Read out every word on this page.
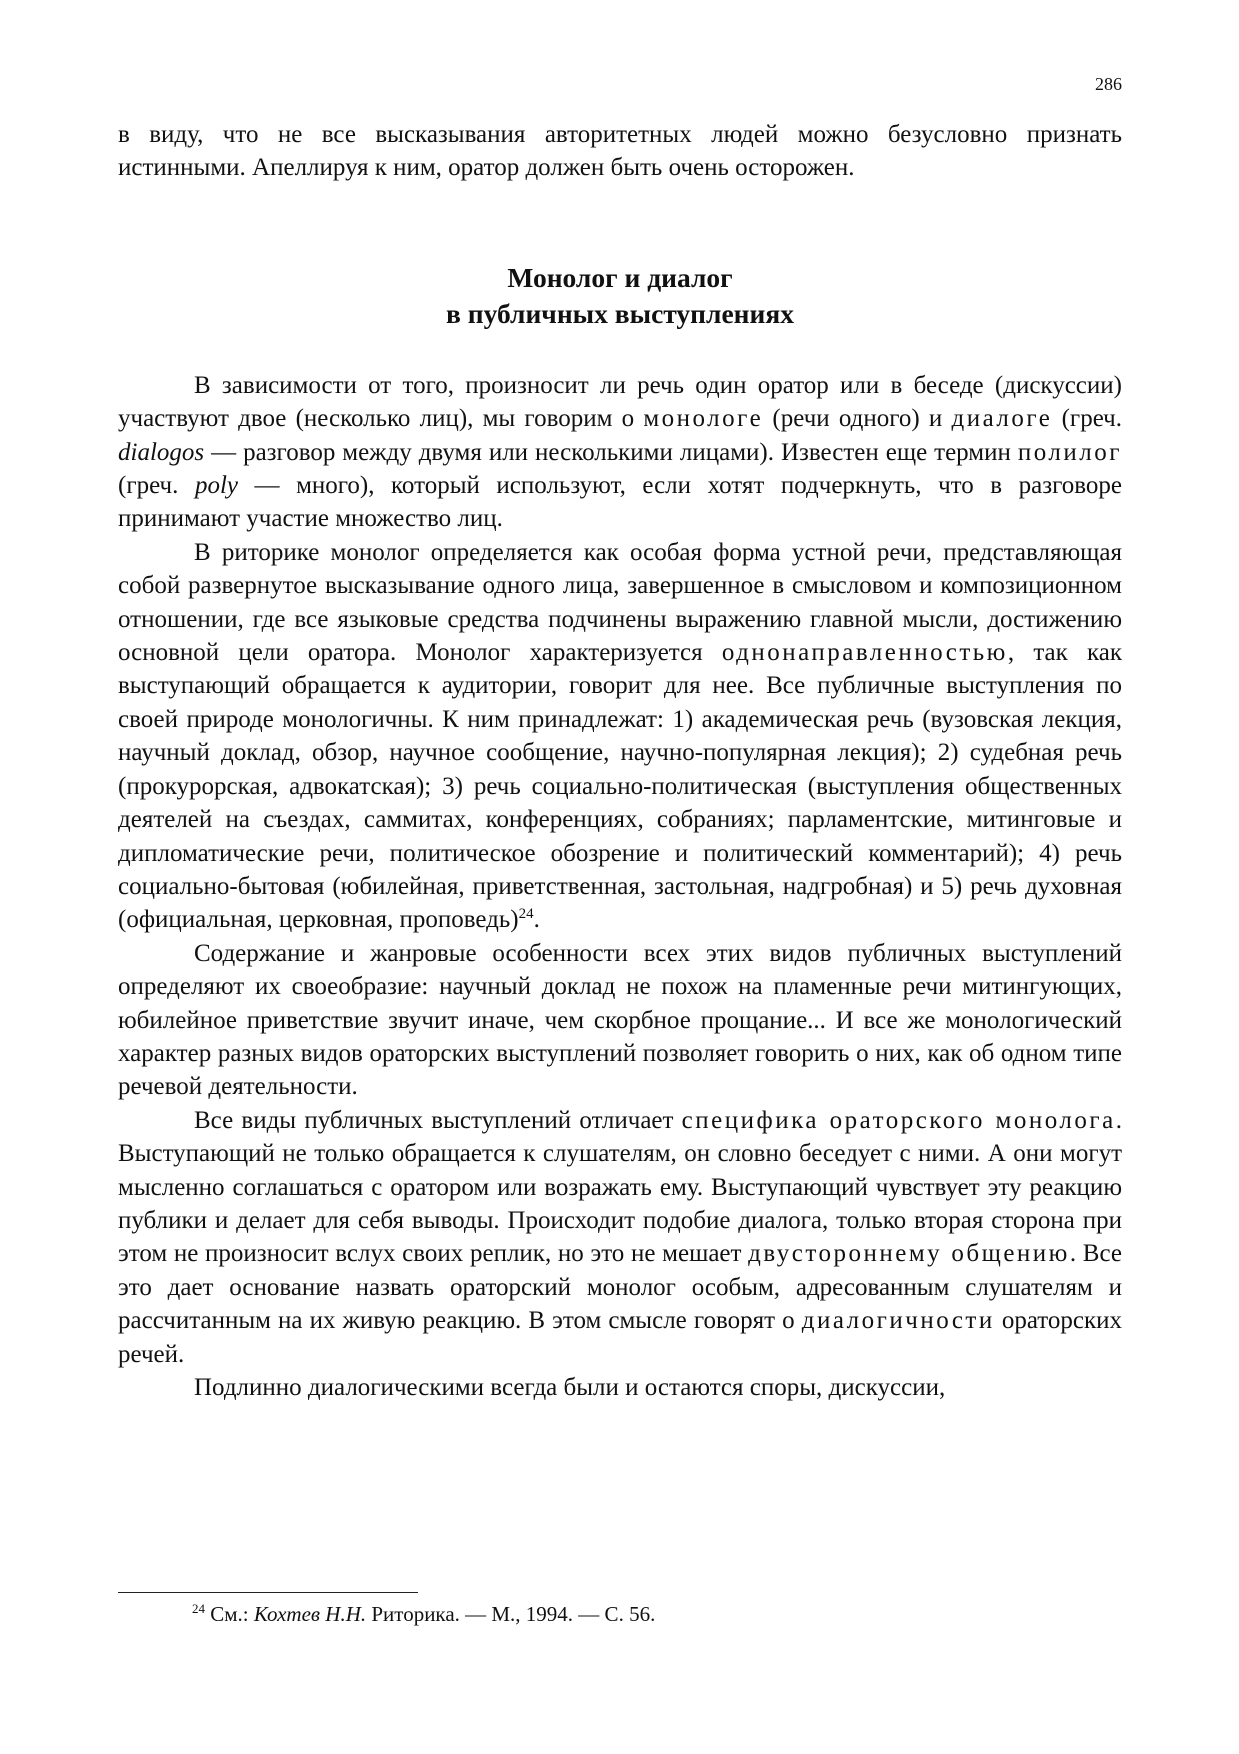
286

в виду, что не все высказывания авторитетных людей можно безусловно признать истинными. Апеллируя к ним, оратор должен быть очень осторожен.

Монолог и диалог
в публичных выступлениях

В зависимости от того, произносит ли речь один оратор или в беседе (дискуссии) участвуют двое (несколько лиц), мы говорим о монологе (речи одного) и диалоге (греч. dialogos — разговор между двумя или несколькими лицами). Известен еще термин полилог (греч. poly — много), который используют, если хотят подчеркнуть, что в разговоре принимают участие множество лиц.

В риторике монолог определяется как особая форма устной речи, представляющая собой развернутое высказывание одного лица, завершенное в смысловом и композиционном отношении, где все языковые средства подчинены выражению главной мысли, достижению основной цели оратора. Монолог характеризуется однонаправленностью, так как выступающий обращается к аудитории, говорит для нее. Все публичные выступления по своей природе монологичны. К ним принадлежат: 1) академическая речь (вузовская лекция, научный доклад, обзор, научное сообщение, научно-популярная лекция); 2) судебная речь (прокурорская, адвокатская); 3) речь социально-политическая (выступления общественных деятелей на съездах, саммитах, конференциях, собраниях; парламентские, митинговые и дипломатические речи, политическое обозрение и политический комментарий); 4) речь социально-бытовая (юбилейная, приветственная, застольная, надгробная) и 5) речь духовная (официальная, церковная, проповедь)$^{24}$.

Содержание и жанровые особенности всех этих видов публичных выступлений определяют их своеобразие: научный доклад не похож на пламенные речи митингующих, юбилейное приветствие звучит иначе, чем скорбное прощание... И все же монологический характер разных видов ораторских выступлений позволяет говорить о них, как об одном типе речевой деятельности.

Все виды публичных выступлений отличает специфика ораторского монолога. Выступающий не только обращается к слушателям, он словно беседует с ними. А они могут мысленно соглашаться с оратором или возражать ему. Выступающий чувствует эту реакцию публики и делает для себя выводы. Происходит подобие диалога, только вторая сторона при этом не произносит вслух своих реплик, но это не мешает двустороннему общению. Все это дает основание назвать ораторский монолог особым, адресованным слушателям и рассчитанным на их живую реакцию. В этом смысле говорят о диалогичности ораторских речей.

Подлинно диалогическими всегда были и остаются споры, дискуссии,

$^{24}$ См.: Кохтев Н.Н. Риторика. — М., 1994. — С. 56.
